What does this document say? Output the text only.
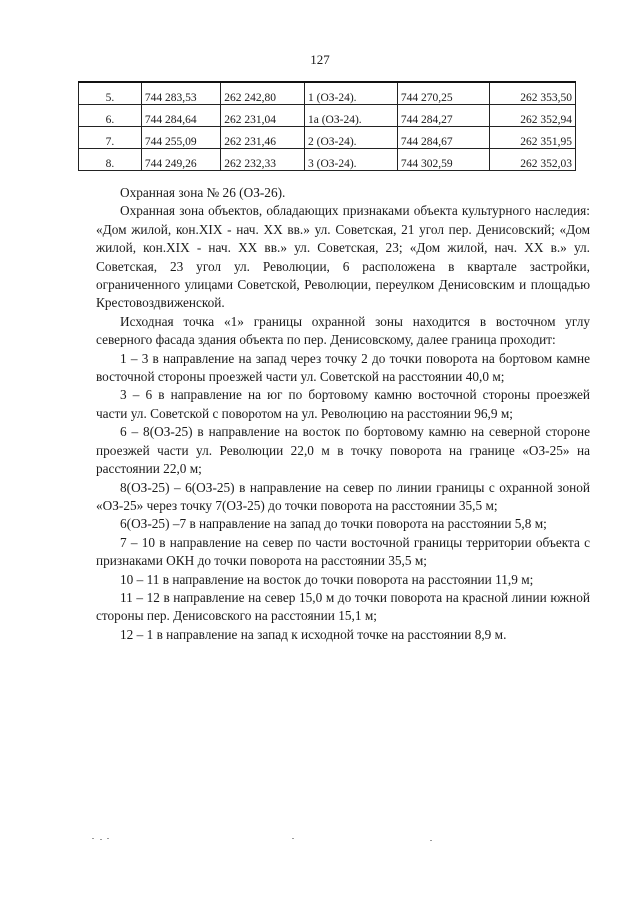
127
5.	744 283,53	262 242,80	1 (ОЗ-24).	744 270,25	262 353,50
6.	744 284,64	262 231,04	1а (ОЗ-24).	744 284,27	262 352,94
7.	744 255,09	262 231,46	2 (ОЗ-24).	744 284,67	262 351,95
8.	744 249,26	262 232,33	3 (ОЗ-24).	744 302,59	262 352,03

Охранная зона № 26 (ОЗ-26).

Охранная зона объектов, обладающих признаками объекта культурного наследия: «Дом жилой, кон.XIX - нач. XX вв.» ул. Советская, 21 угол пер. Денисовский; «Дом жилой, кон.XIX - нач. XX вв.» ул. Советская, 23; «Дом жилой, нач. XX в.» ул. Советская, 23 угол ул. Революции, 6 расположена в квартале застройки, ограниченного улицами Советской, Революции, переулком Денисовским и площадью Крестовоздвиженской.

Исходная точка «1» границы охранной зоны находится в восточном углу северного фасада здания объекта по пер. Денисовскому, далее граница проходит:

1 – 3 в направление на запад через точку 2 до точки поворота на бортовом камне восточной стороны проезжей части ул. Советской на расстоянии 40,0 м;

3 – 6 в направление на юг по бортовому камню восточной стороны проезжей части ул. Советской с поворотом на ул. Революцию на расстоянии 96,9 м;

6 – 8(ОЗ-25) в направление на восток по бортовому камню на северной стороне проезжей части ул. Революции 22,0 м в точку поворота на границе «ОЗ-25» на расстоянии 22,0 м;

8(ОЗ-25) – 6(ОЗ-25) в направление на север по линии границы с охранной зоной «ОЗ-25» через точку 7(ОЗ-25) до точки поворота на расстоянии 35,5 м;

6(ОЗ-25) –7 в направление на запад до точки поворота на расстоянии 5,8 м;

7 – 10 в направление на север по части восточной границы территории объекта с признаками ОКН до точки поворота на расстоянии 35,5 м;

10 – 11 в направление на восток до точки поворота на расстоянии 11,9 м;

11 – 12 в направление на север 15,0 м до точки поворота на красной линии южной стороны пер. Денисовского на расстоянии 15,1 м;

12 – 1 в направление на запад к исходной точке на расстоянии 8,9 м.
